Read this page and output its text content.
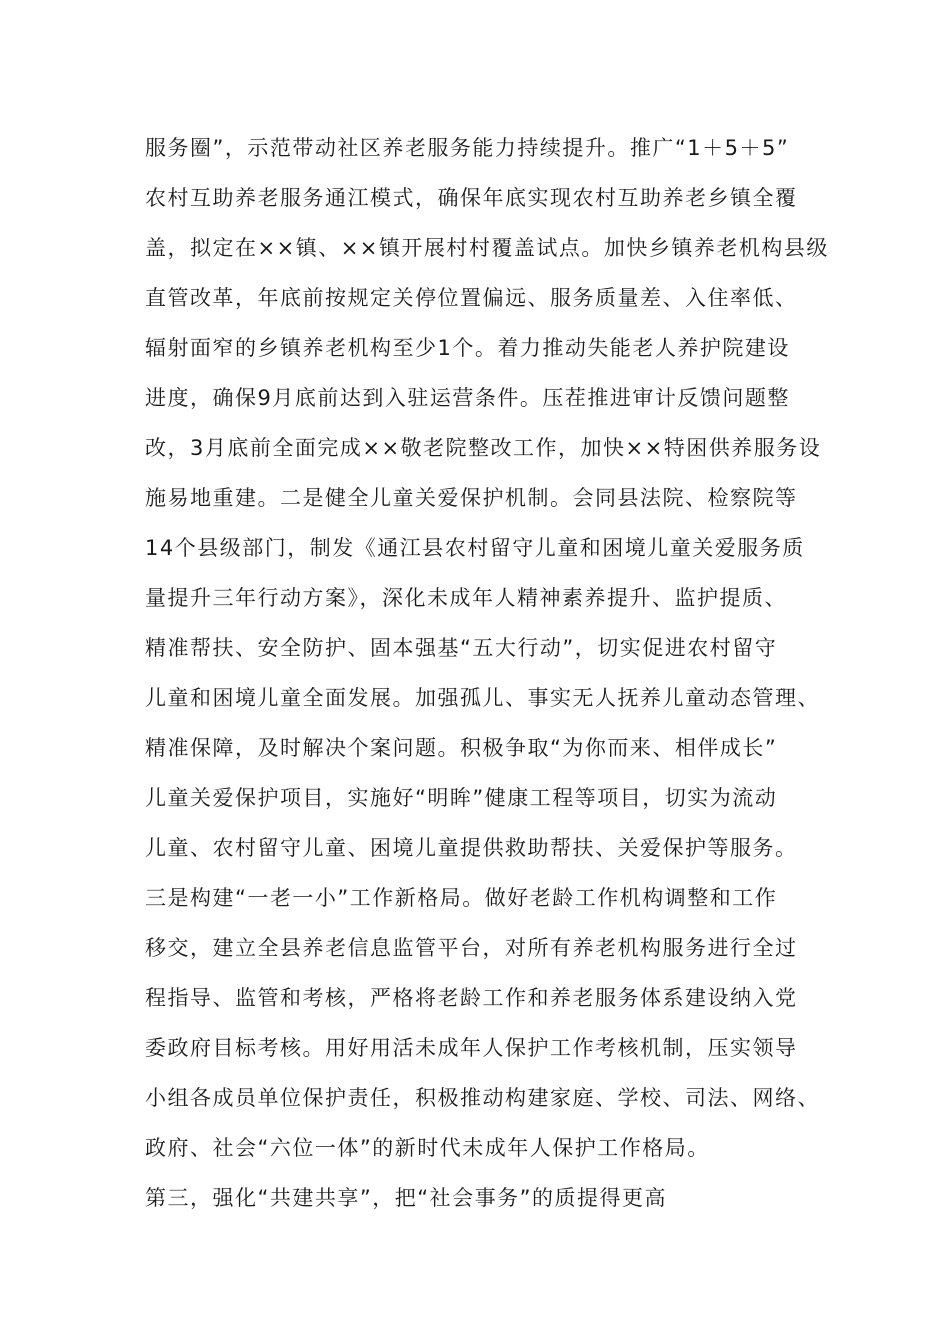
服务圈”，示范带动社区养老服务能力持续提升。推广“1＋5＋5”
农村互助养老服务通江模式，确保年底实现农村互助养老乡镇全覆
盖，拟定在××镇、××镇开展村村覆盖试点。加快乡镇养老机构县级
直管改革，年底前按规定关停位置偏远、服务质量差、入住率低、
辐射面窄的乡镇养老机构至少1个。着力推动失能老人养护院建设
进度，确保9月底前达到入驻运营条件。压茬推进审计反馈问题整
改，3月底前全面完成××敬老院整改工作，加快××特困供养服务设
施易地重建。二是健全儿童关爱保护机制。会同县法院、检察院等
14个县级部门，制发《通江县农村留守儿童和困境儿童关爱服务质
量提升三年行动方案》，深化未成年人精神素养提升、监护提质、
精准帮扶、安全防护、固本强基“五大行动”，切实促进农村留守
儿童和困境儿童全面发展。加强孤儿、事实无人抚养儿童动态管理、
精准保障，及时解决个案问题。积极争取“为你而来、相伴成长”
儿童关爱保护项目，实施好“明眸”健康工程等项目，切实为流动
儿童、农村留守儿童、困境儿童提供救助帮扶、关爱保护等服务。
三是构建“一老一小”工作新格局。做好老龄工作机构调整和工作
移交，建立全县养老信息监管平台，对所有养老机构服务进行全过
程指导、监管和考核，严格将老龄工作和养老服务体系建设纳入党
委政府目标考核。用好用活未成年人保护工作考核机制，压实领导
小组各成员单位保护责任，积极推动构建家庭、学校、司法、网络、
政府、社会“六位一体”的新时代未成年人保护工作格局。
第三，强化“共建共享”，把“社会事务”的质提得更高
